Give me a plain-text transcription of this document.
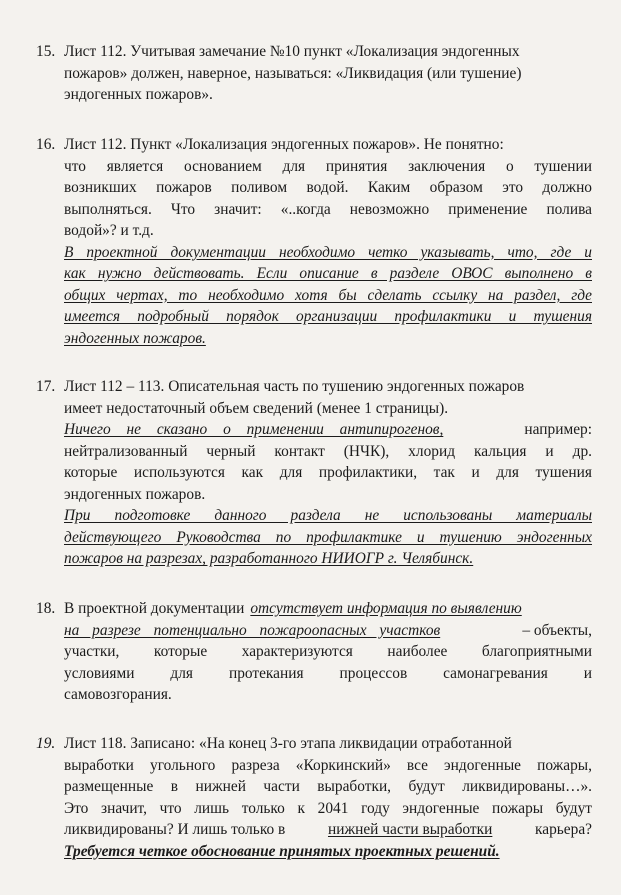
15. Лист 112. Учитывая замечание №10 пункт «Локализация эндогенных
пожаров» должен, наверное, называться: «Ликвидация (или тушение)
эндогенных пожаров».
16. Лист 112. Пункт «Локализация эндогенных пожаров». Не понятно:
что является основанием для принятия заключения о тушении
возникших пожаров поливом водой. Каким образом это должно
выполняться. Что значит: «..когда невозможно применение полива
водой»? и т.д.
В проектной документации необходимо четко указывать, что, где и
как нужно действовать. Если описание в разделе ОВОС выполнено в
общих чертах, то необходимо хотя бы сделать ссылку на раздел, где
имеется подробный порядок организации профилактики и тушения
эндогенных пожаров.
17. Лист 112 – 113. Описательная часть по тушению эндогенных пожаров
имеет недостаточный объем сведений (менее 1 страницы).
Ничего не сказано о применении антипирогенов,	например:
нейтрализованный черный контакт (НЧК), хлорид кальция и др.
которые используются как для профилактики, так и для тушения
эндогенных пожаров.
При подготовке данного раздела не использованы материалы
действующего Руководства по профилактике и тушению эндогенных
пожаров на разрезах, разработанного НИИОГР г. Челябинск.
18. В проектной документации отсутствует информация по выявлению
на разрезе потенциально пожароопасных участков	– объекты,
участки, которые характеризуются наиболее благоприятными
условиями для протекания процессов самонагревания и
самовозгорания.
19. Лист 118. Записано: «На конец 3-го этапа ликвидации отработанной
выработки угольного разреза «Коркинский» все эндогенные пожары,
размещенные в нижней части выработки, будут ликвидированы…».
Это значит, что лишь только к 2041 году эндогенные пожары будут
ликвидированы? И лишь только в	нижней части выработки	карьера?
Требуется четкое обоснование принятых проектных решений.
